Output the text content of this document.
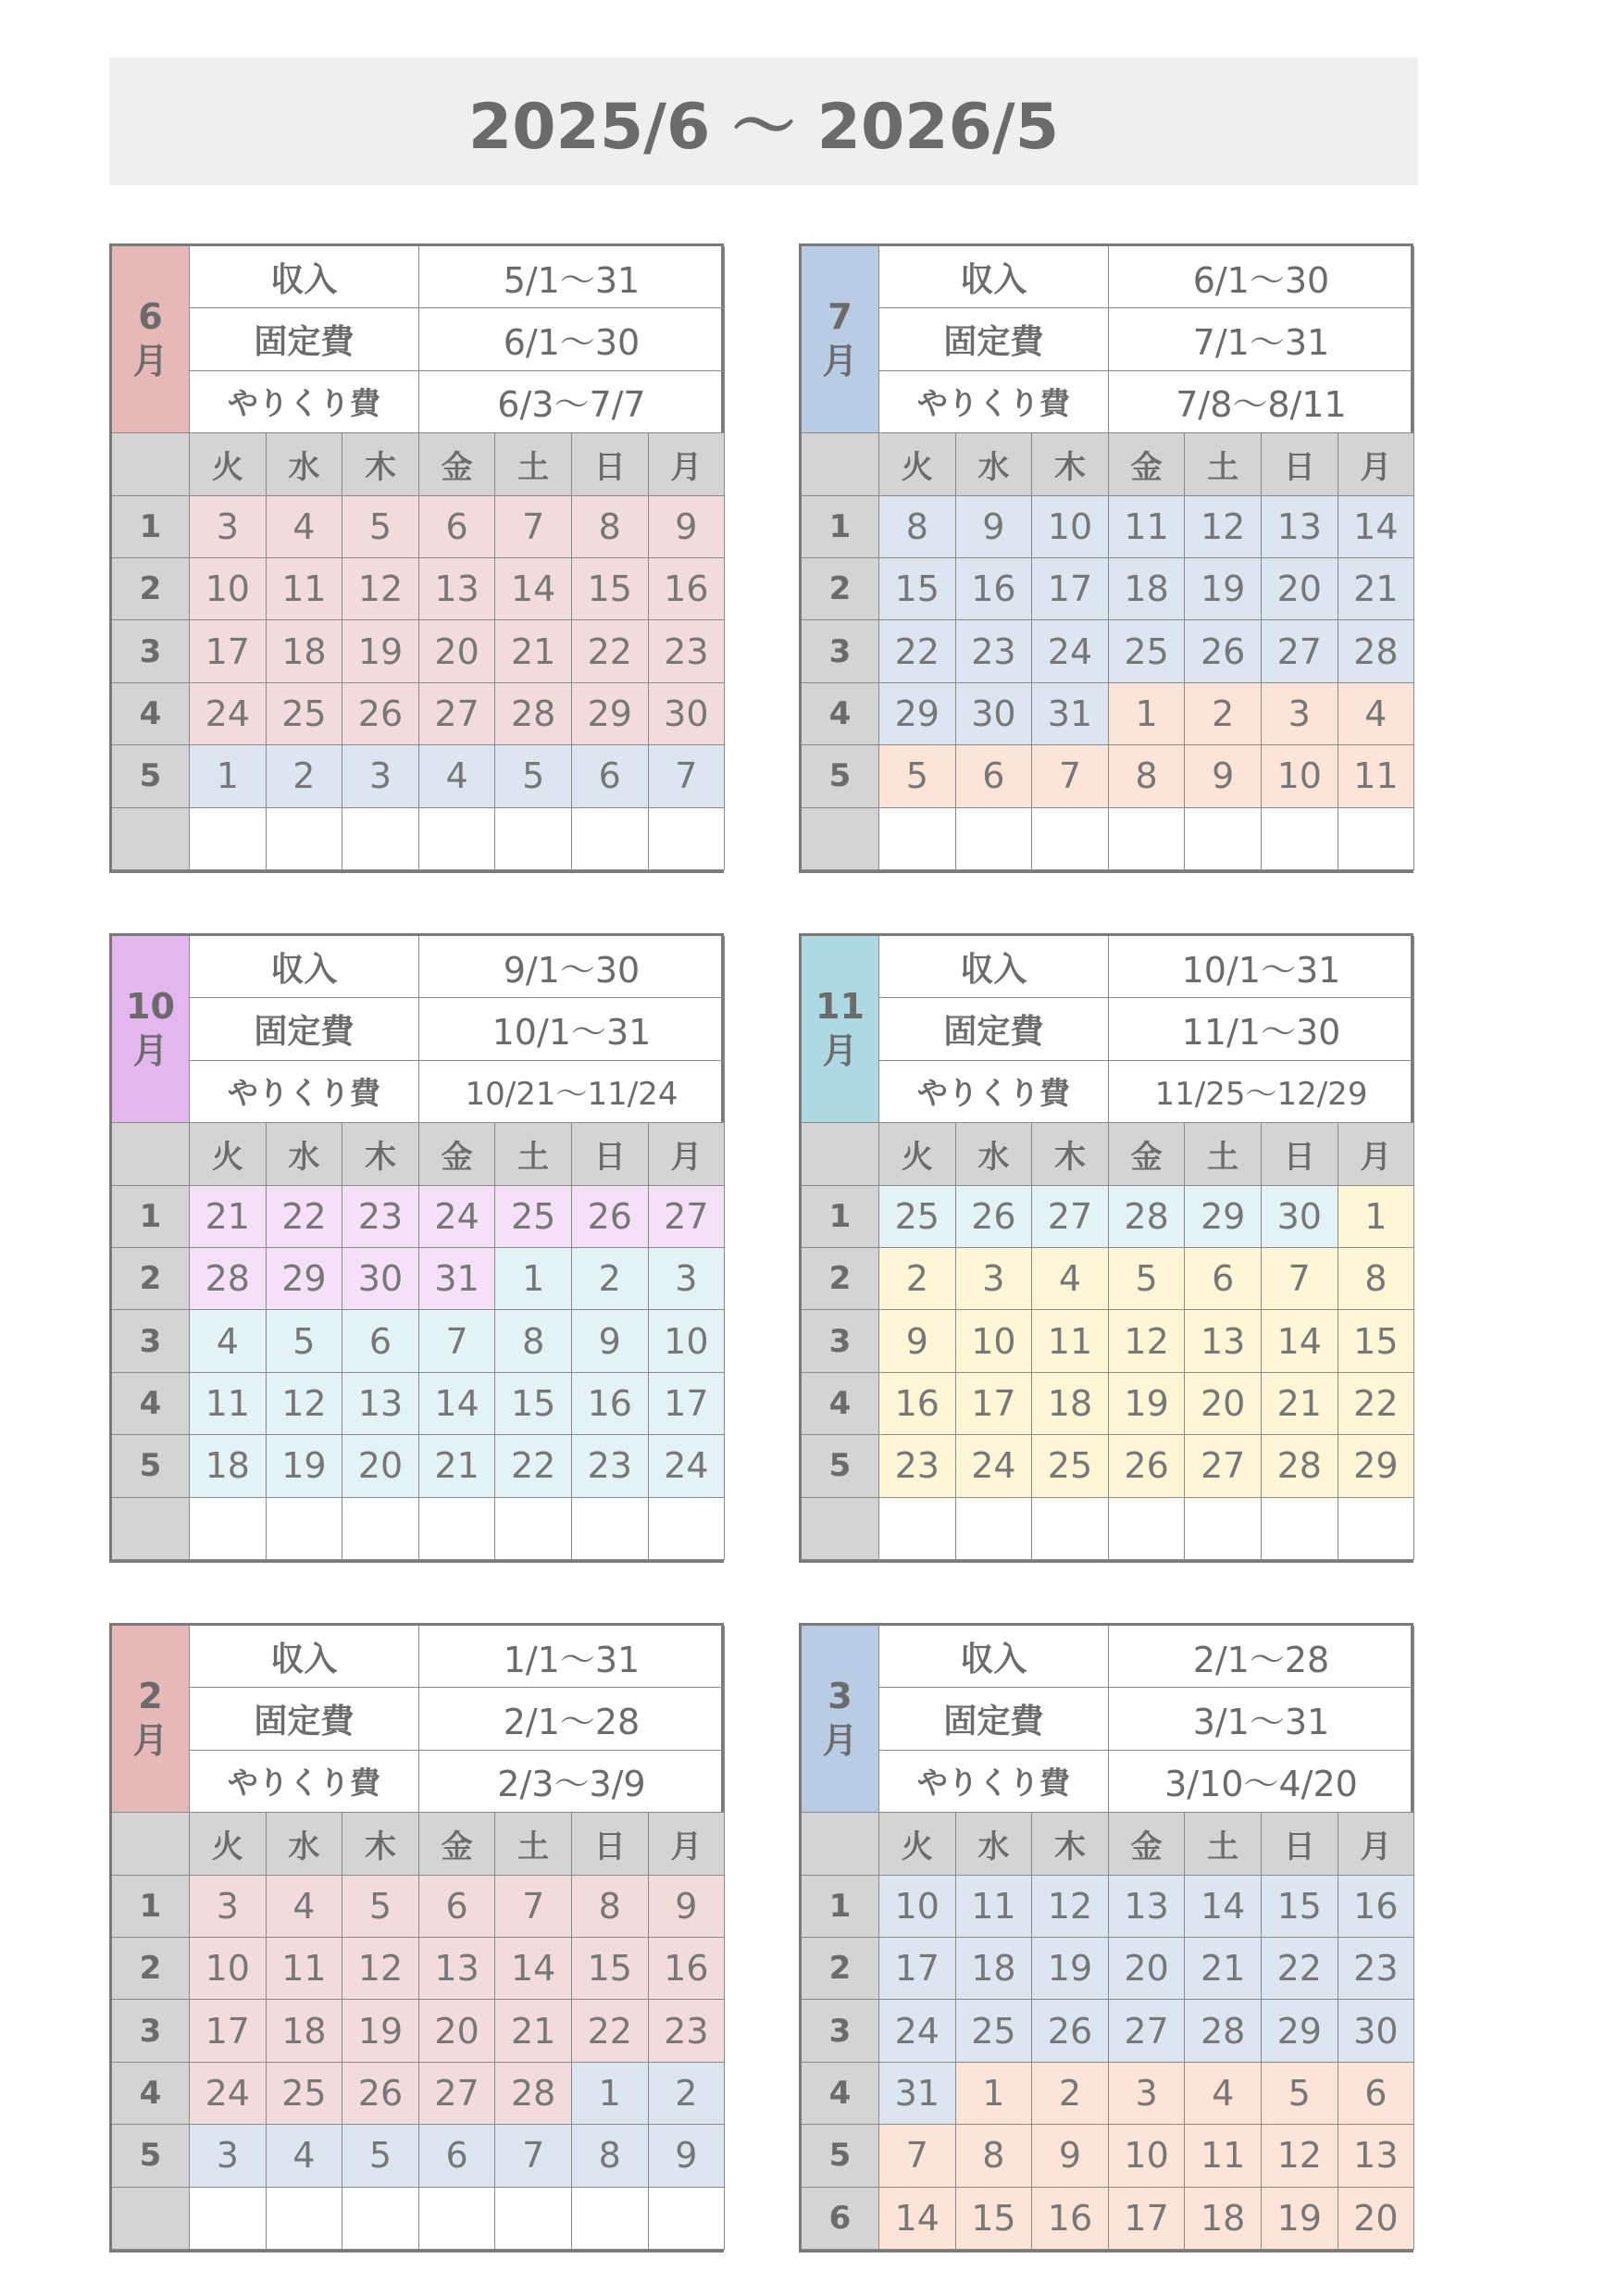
2025/6 〜 2026/5
6
月
収入	5/1〜31
固定費	6/1〜30
やりくり費	6/3〜7/7
火	水	木	金	土	日	月
1	3	4	5	6	7	8	9
2	10 11 12 13 14 15 16
3	17 18 19 20 21 22 23
4	24 25 26 27 28 29 30
5	1	2	3	4	5	6	7
7
月
収入	6/1〜30
固定費	7/1〜31
やりくり費	7/8〜8/11
火	水	木	金	土	日	月
1	8	9	10 11 12 13 14
2	15 16 17 18 19 20 21
3	22 23 24 25 26 27 28
4	29 30 31	1	2	3	4
5	5	6	7	8	9	10 11
10
月
収入	9/1〜30
固定費	10/1〜31
やりくり費	10/21〜11/24
火	水	木	金	土	日	月
1	21 22 23 24 25 26 27
2	28 29 30 31	1	2	3
3	4	5	6	7	8	9	10
4	11 12 13 14 15 16 17
5	18 19 20 21 22 23 24
11
月
収入	10/1〜31
固定費	11/1〜30
やりくり費	11/25〜12/29
火	水	木	金	土	日	月
1	25 26 27 28 29 30	1
2	2	3	4	5	6	7	8
3	9	10 11 12 13 14 15
4	16 17 18 19 20 21 22
5	23 24 25 26 27 28 29
2
月
収入	1/1〜31
固定費	2/1〜28
やりくり費	2/3〜3/9
火	水	木	金	土	日	月
1	3	4	5	6	7	8	9
2	10 11 12 13 14 15 16
3	17 18 19 20 21 22 23
4	24 25 26 27 28	1	2
5	3	4	5	6	7	8	9
3
月
収入	2/1〜28
固定費	3/1〜31
やりくり費	3/10〜4/20
火	水	木	金	土	日	月
1	10 11 12 13 14 15 16
2	17 18 19 20 21 22 23
3	24 25 26 27 28 29 30
4	31	1	2	3	4	5	6
5	7	8	9	10 11 12 13
6	14 15 16 17 18 19 20
